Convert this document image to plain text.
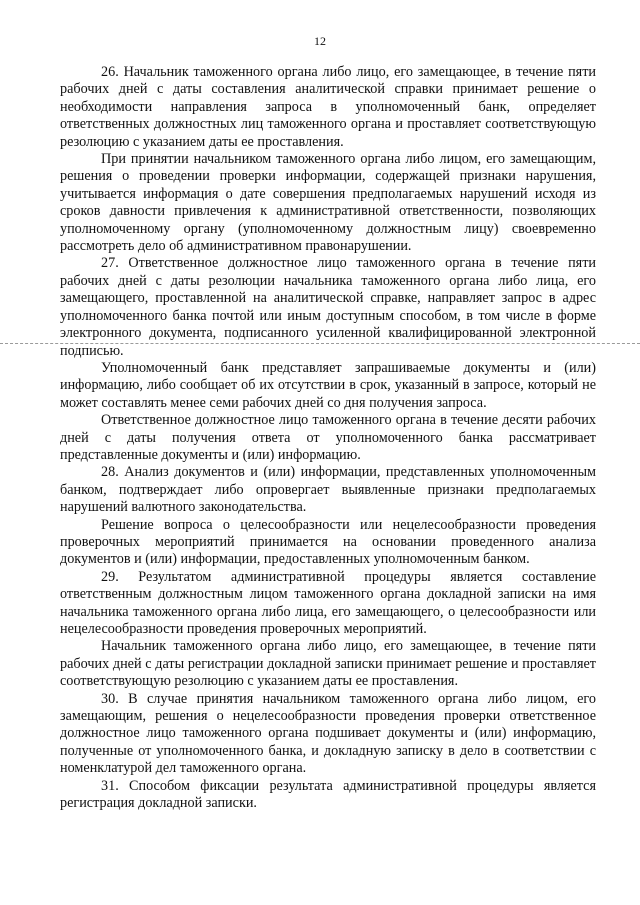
12

26. Начальник таможенного органа либо лицо, его замещающее, в течение пяти рабочих дней с даты составления аналитической справки принимает решение о необходимости направления запроса в уполномоченный банк, определяет ответственных должностных лиц таможенного органа и проставляет соответствующую резолюцию с указанием даты ее проставления.

При принятии начальником таможенного органа либо лицом, его замещающим, решения о проведении проверки информации, содержащей признаки нарушения, учитывается информация о дате совершения предполагаемых нарушений исходя из сроков давности привлечения к административной ответственности, позволяющих уполномоченному органу (уполномоченному должностным лицу) своевременно рассмотреть дело об административном правонарушении.

27. Ответственное должностное лицо таможенного органа в течение пяти рабочих дней с даты резолюции начальника таможенного органа либо лица, его замещающего, проставленной на аналитической справке, направляет запрос в адрес уполномоченного банка почтой или иным доступным способом, в том числе в форме электронного документа, подписанного усиленной квалифицированной электронной подписью.

Уполномоченный банк представляет запрашиваемые документы и (или) информацию, либо сообщает об их отсутствии в срок, указанный в запросе, который не может составлять менее семи рабочих дней со дня получения запроса.

Ответственное должностное лицо таможенного органа в течение десяти рабочих дней с даты получения ответа от уполномоченного банка рассматривает представленные документы и (или) информацию.

28. Анализ документов и (или) информации, представленных уполномоченным банком, подтверждает либо опровергает выявленные признаки предполагаемых нарушений валютного законодательства.

Решение вопроса о целесообразности или нецелесообразности проведения проверочных мероприятий принимается на основании проведенного анализа документов и (или) информации, предоставленных уполномоченным банком.

29. Результатом административной процедуры является составление ответственным должностным лицом таможенного органа докладной записки на имя начальника таможенного органа либо лица, его замещающего, о целесообразности или нецелесообразности проведения проверочных мероприятий.

Начальник таможенного органа либо лицо, его замещающее, в течение пяти рабочих дней с даты регистрации докладной записки принимает решение и проставляет соответствующую резолюцию с указанием даты ее проставления.

30. В случае принятия начальником таможенного органа либо лицом, его замещающим, решения о нецелесообразности проведения проверки ответственное должностное лицо таможенного органа подшивает документы и (или) информацию, полученные от уполномоченного банка, и докладную записку в дело в соответствии с номенклатурой дел таможенного органа.

31. Способом фиксации результата административной процедуры является регистрация докладной записки.
